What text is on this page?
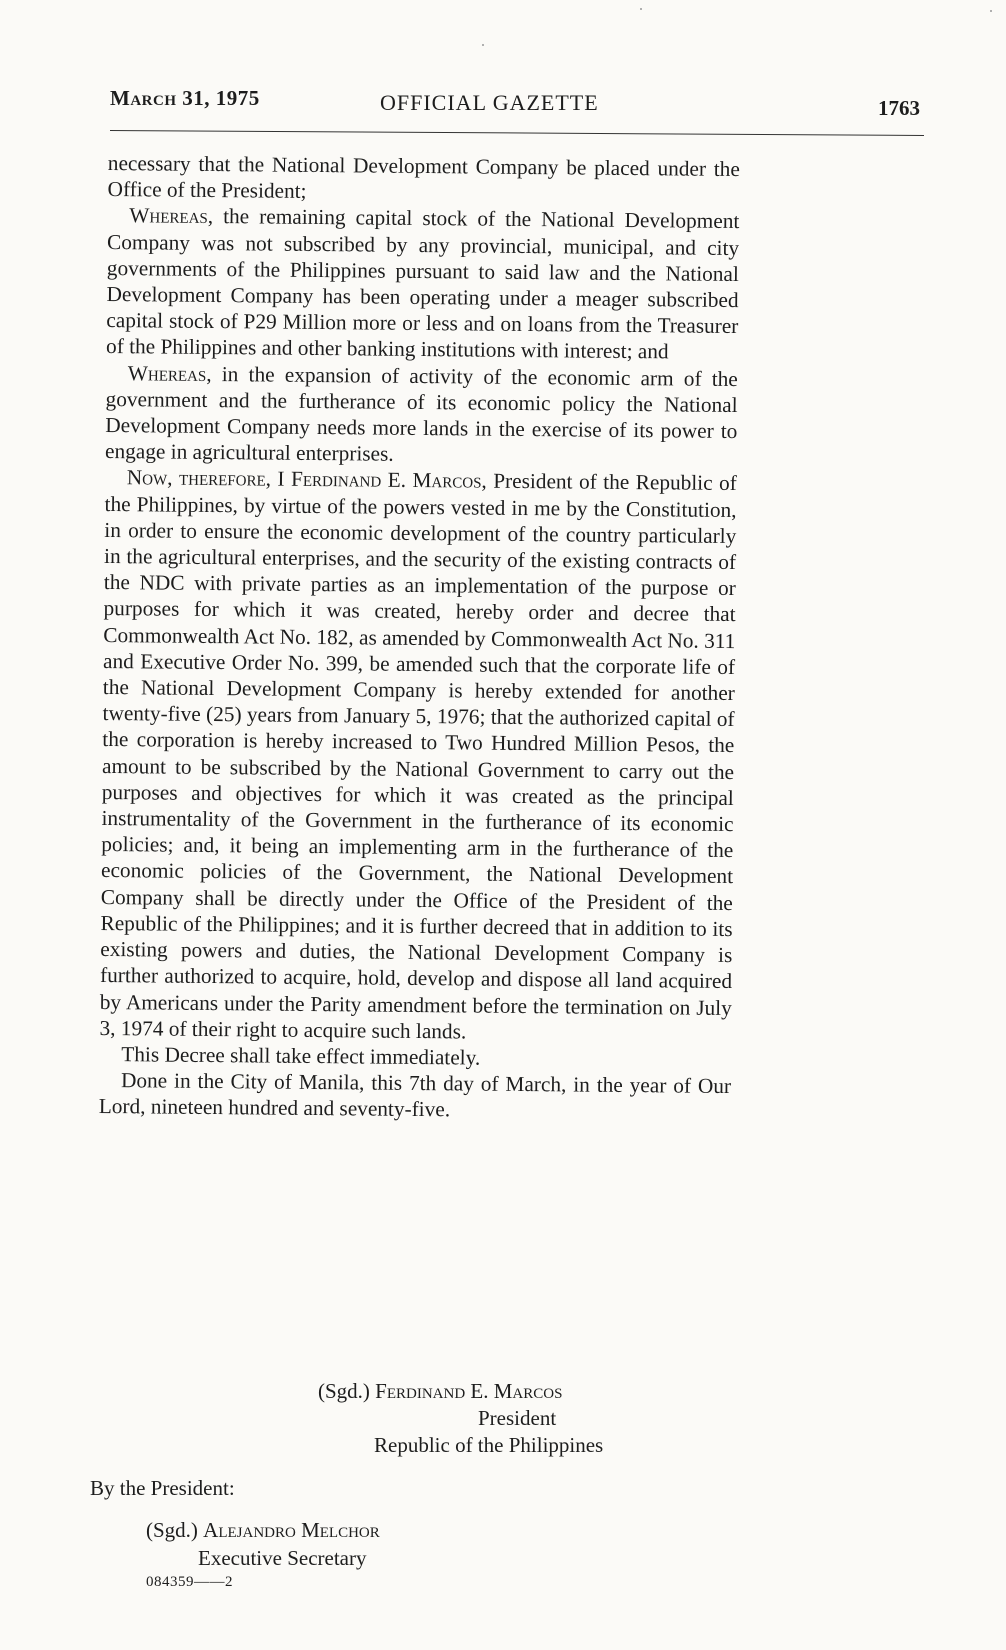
March 31, 1975	OFFICIAL GAZETTE	1763

necessary that the National Development Company be placed under the Office of the President;

Whereas, the remaining capital stock of the National Development Company was not subscribed by any provincial, municipal, and city governments of the Philippines pursuant to said law and the National Development Company has been operating under a meager subscribed capital stock of P29 Million more or less and on loans from the Treasurer of the Philippines and other banking institutions with interest; and

Whereas, in the expansion of activity of the economic arm of the government and the furtherance of its economic policy the National Development Company needs more lands in the exercise of its power to engage in agricultural enterprises.

Now, therefore, I Ferdinand E. Marcos, President of the Republic of the Philippines, by virtue of the powers vested in me by the Constitution, in order to ensure the economic development of the country particularly in the agricultural enterprises, and the security of the existing contracts of the NDC with private parties as an implementation of the purpose or purposes for which it was created, hereby order and decree that Commonwealth Act No. 182, as amended by Commonwealth Act No. 311 and Executive Order No. 399, be amended such that the corporate life of the National Development Company is hereby extended for another twenty-five (25) years from January 5, 1976; that the authorized capital of the corporation is hereby increased to Two Hundred Million Pesos, the amount to be subscribed by the National Government to carry out the purposes and objectives for which it was created as the principal instrumentality of the Government in the furtherance of its economic policies; and, it being an implementing arm in the furtherance of the economic policies of the Government, the National Development Company shall be directly under the Office of the President of the Republic of the Philippines; and it is further decreed that in addition to its existing powers and duties, the National Development Company is further authorized to acquire, hold, develop and dispose all land acquired by Americans under the Parity amendment before the termination on July 3, 1974 of their right to acquire such lands.

This Decree shall take effect immediately.

Done in the City of Manila, this 7th day of March, in the year of Our Lord, nineteen hundred and seventy-five.

(Sgd.) Ferdinand E. Marcos
President
Republic of the Philippines
By the President:
(Sgd.) Alejandro Melchor
Executive Secretary
084359——2
